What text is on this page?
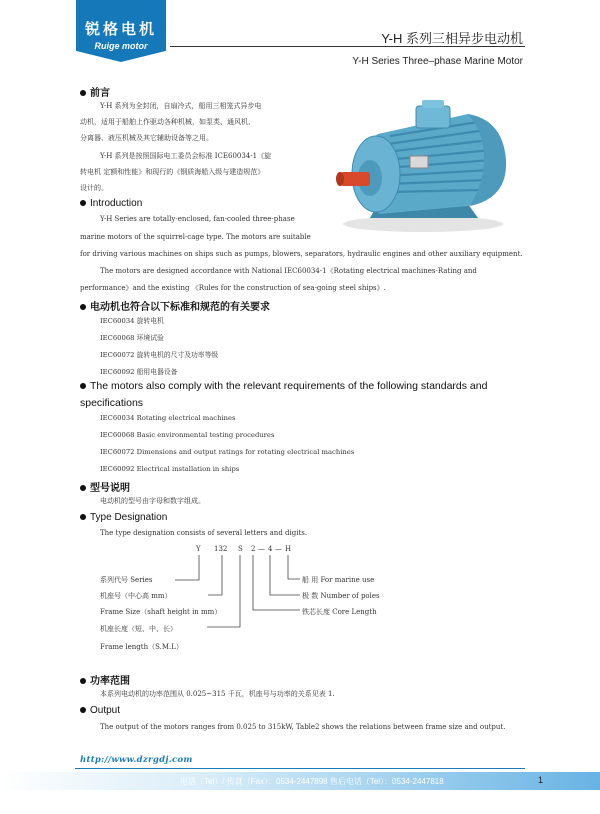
锐格电机
Ruige motor	Y-H 系列三相异步电动机
Y-H Series Three–phase Marine Motor
前言
Y-H 系列为全封闭，自扇冷式，船用三相笼式异步电
动机，适用于船舶上作驱动各种机械，如泵类、通风机、
分离器、液压机械及其它辅助设备等之用。
Y-H 系列是按照国际电工委员会标准 ICE60034-1《旋
转电机 定额和性能》和现行的《钢质海船入级与建造规范》
设计的。
Introduction
Y-H Series are totally-enclosed, fan-cooled three-phase
marine motors of the squirrel-cage type. The motors are suitable
for driving various machines on ships such as pumps, blowers, separators, hydraulic engines and other auxiliary equipment.
The motors are designed accordance with National IEC60034-1《Rotating electrical machines-Rating and
performance》and the existing 《Rules for the construction of sea-going steel ships》.
电动机也符合以下标准和规范的有关要求
IEC60034 旋转电机
IEC60068 环境试验
IEC60072 旋转电机的尺寸及功率等级
IEC60092 船用电器设备
The motors also comply with the relevant requirements of the following standards and
specifications
IEC60034 Rotating electrical machines
IEC60068 Basic environmental testing procedures
IEC60072 Dimensions and output ratings for rotating electrical machines
IEC60092 Electrical installation in ships
型号说明
电动机的型号由字母和数字组成。
Type Designation
The type designation consists of several letters and digits.
Y 132 S 2 — 4 — H
系列代号 Series
机座号（中心高 mm）
Frame Size（shaft height in mm）
机座长度（短、中、长）
Frame length（S.M.L）
船 用 For marine use
极 数 Number of poles
铁芯长度 Core Length
功率范围
本系列电动机的功率范围从 0.025~315 千瓦，机座号与功率的关系见表 1.
Output
The output of the motors ranges from 0.025 to 315kW, Table2 shows the relations between frame size and output.
http://www.dzrgdj.com
电话（Tel）/ 传真（Fax）：0534-2447898 售后电话（Tel）：0534-2447818	1
